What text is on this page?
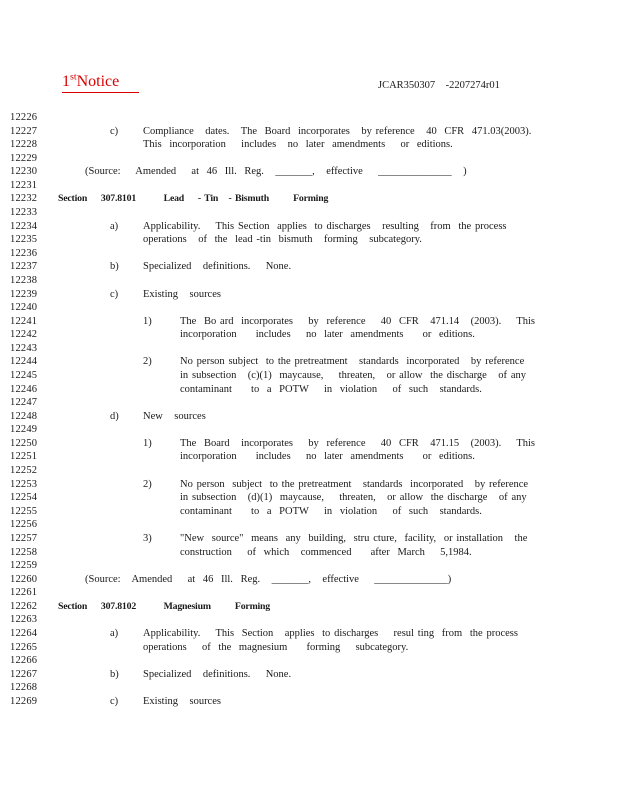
1stNotice	JCAR350307    -2207274r01
12226
12227	c)	Compliance   dates.   The  Board  incorporates   by reference   40  CFR  471.03(2003).
12228	This  incorporation    includes   no  later  amendments    or  editions.
12229
12230	(Source:    Amended    at  46  Ill.  Reg.   _______,   effective    ______________   )
12231
12232	Section    307.8101        Lead    - Tin   - Bismuth       Forming
12233
12234	a)	Applicability.    This Section  applies  to discharges   resulting   from  the process
12235	operations   of  the  lead -tin  bismuth   forming   subcategory.
12236
12237	b)	Specialized   definitions.    None.
12238
12239	c)	Existing   sources
12240
12241	1)	The  Bo ard  incorporates    by  reference    40  CFR   471.14   (2003).    This
12242	incorporation     includes    no  later  amendments     or  editions.
12243
12244	2)	No person subject  to the pretreatment   standards  incorporated   by reference
12245	in subsection   (c)(1)  maycause,    threaten,   or allow  the discharge   of any
12246	contaminant     to  a  POTW    in  violation    of  such   standards.
12247
12248	d)	New   sources
12249
12250	1)	The  Board   incorporates    by  reference    40  CFR   471.15   (2003).    This
12251	incorporation     includes    no  later  amendments     or  editions.
12252
12253	2)	No person  subject  to the pretreatment   standards  incorporated   by reference
12254	in subsection   (d)(1)  maycause,    threaten,   or allow  the discharge   of any
12255	contaminant     to  a  POTW    in  violation    of  such   standards.
12256
12257	3)	"New  source"  means  any  building,  stru cture,  facility,  or installation   the
12258	construction    of  which   commenced     after  March    5,1984.
12259
12260	(Source:   Amended    at  46  Ill.  Reg.   _______,   effective    ______________)
12261
12262	Section    307.8102        Magnesium       Forming
12263
12264	a)	Applicability.    This  Section   applies  to discharges    resul ting  from  the process
12265	operations    of  the  magnesium     forming    subcategory.
12266
12267	b)	Specialized   definitions.    None.
12268
12269	c)	Existing   sources
